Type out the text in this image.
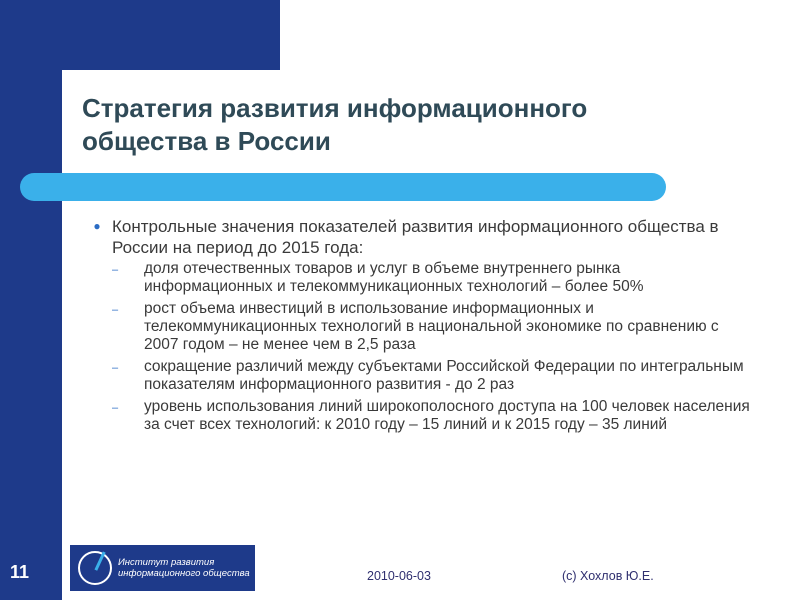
Стратегия развития информационного
общества в России
● Контрольные значения показателей развития информационного общества в России на период до 2015 года:
–	доля отечественных товаров и услуг в объеме внутреннего рынка информационных и телекоммуникационных технологий – более 50%
–	рост объема инвестиций в использование информационных и телекоммуникационных технологий в национальной экономике по сравнению с 2007 годом – не менее чем в 2,5 раза
–	сокращение различий между субъектами Российской Федерации по интегральным показателям информационного развития - до 2 раз
–	уровень использования линий широкополосного доступа на 100 человек населения за счет всех технологий: к 2010 году – 15 линий и к 2015 году – 35 линий
11	Институт развития
информационного общества	2010-06-03	(c) Хохлов Ю.Е.
